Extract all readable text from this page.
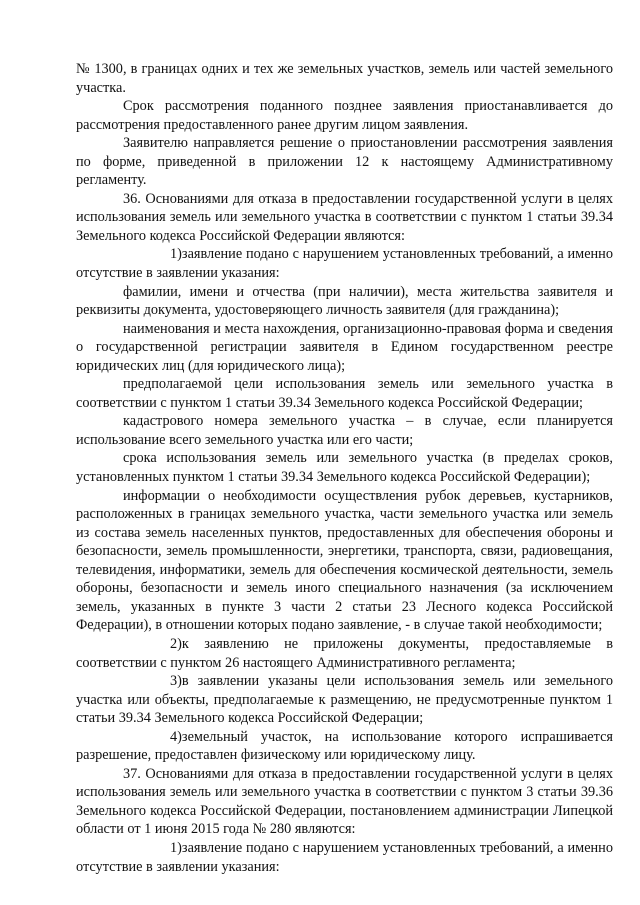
№ 1300, в границах одних и тех же земельных участков, земель или частей земельного участка.

Срок рассмотрения поданного позднее заявления приостанавливается до рассмотрения предоставленного ранее другим лицом заявления.

Заявителю направляется решение о приостановлении рассмотрения заявления по форме, приведенной в приложении 12 к настоящему Административному регламенту.

36. Основаниями для отказа в предоставлении государственной услуги в целях использования земель или земельного участка в соответствии с пунктом 1 статьи 39.34 Земельного кодекса Российской Федерации являются:

1)заявление подано с нарушением установленных требований, а именно отсутствие в заявлении указания:

фамилии, имени и отчества (при наличии), места жительства заявителя и реквизиты документа, удостоверяющего личность заявителя (для гражданина);

наименования и места нахождения, организационно-правовая форма и сведения о государственной регистрации заявителя в Едином государственном реестре юридических лиц (для юридического лица);

предполагаемой цели использования земель или земельного участка в соответствии с пунктом 1 статьи 39.34 Земельного кодекса Российской Федерации;

кадастрового номера земельного участка – в случае, если планируется использование всего земельного участка или его части;

срока использования земель или земельного участка (в пределах сроков, установленных пунктом 1 статьи 39.34 Земельного кодекса Российской Федерации);

информации о необходимости осуществления рубок деревьев, кустарников, расположенных в границах земельного участка, части земельного участка или земель из состава земель населенных пунктов, предоставленных для обеспечения обороны и безопасности, земель промышленности, энергетики, транспорта, связи, радиовещания, телевидения, информатики, земель для обеспечения космической деятельности, земель обороны, безопасности и земель иного специального назначения (за исключением земель, указанных в пункте 3 части 2 статьи 23 Лесного кодекса Российской Федерации), в отношении которых подано заявление, - в случае такой необходимости;

2)к заявлению не приложены документы, предоставляемые в соответствии с пунктом 26 настоящего Административного регламента;

3)в заявлении указаны цели использования земель или земельного участка или объекты, предполагаемые к размещению, не предусмотренные пунктом 1 статьи 39.34 Земельного кодекса Российской Федерации;

4)земельный участок, на использование которого испрашивается разрешение, предоставлен физическому или юридическому лицу.

37. Основаниями для отказа в предоставлении государственной услуги в целях использования земель или земельного участка в соответствии с пунктом 3 статьи 39.36 Земельного кодекса Российской Федерации, постановлением администрации Липецкой области от 1 июня 2015 года № 280 являются:

1)заявление подано с нарушением установленных требований, а именно отсутствие в заявлении указания:
